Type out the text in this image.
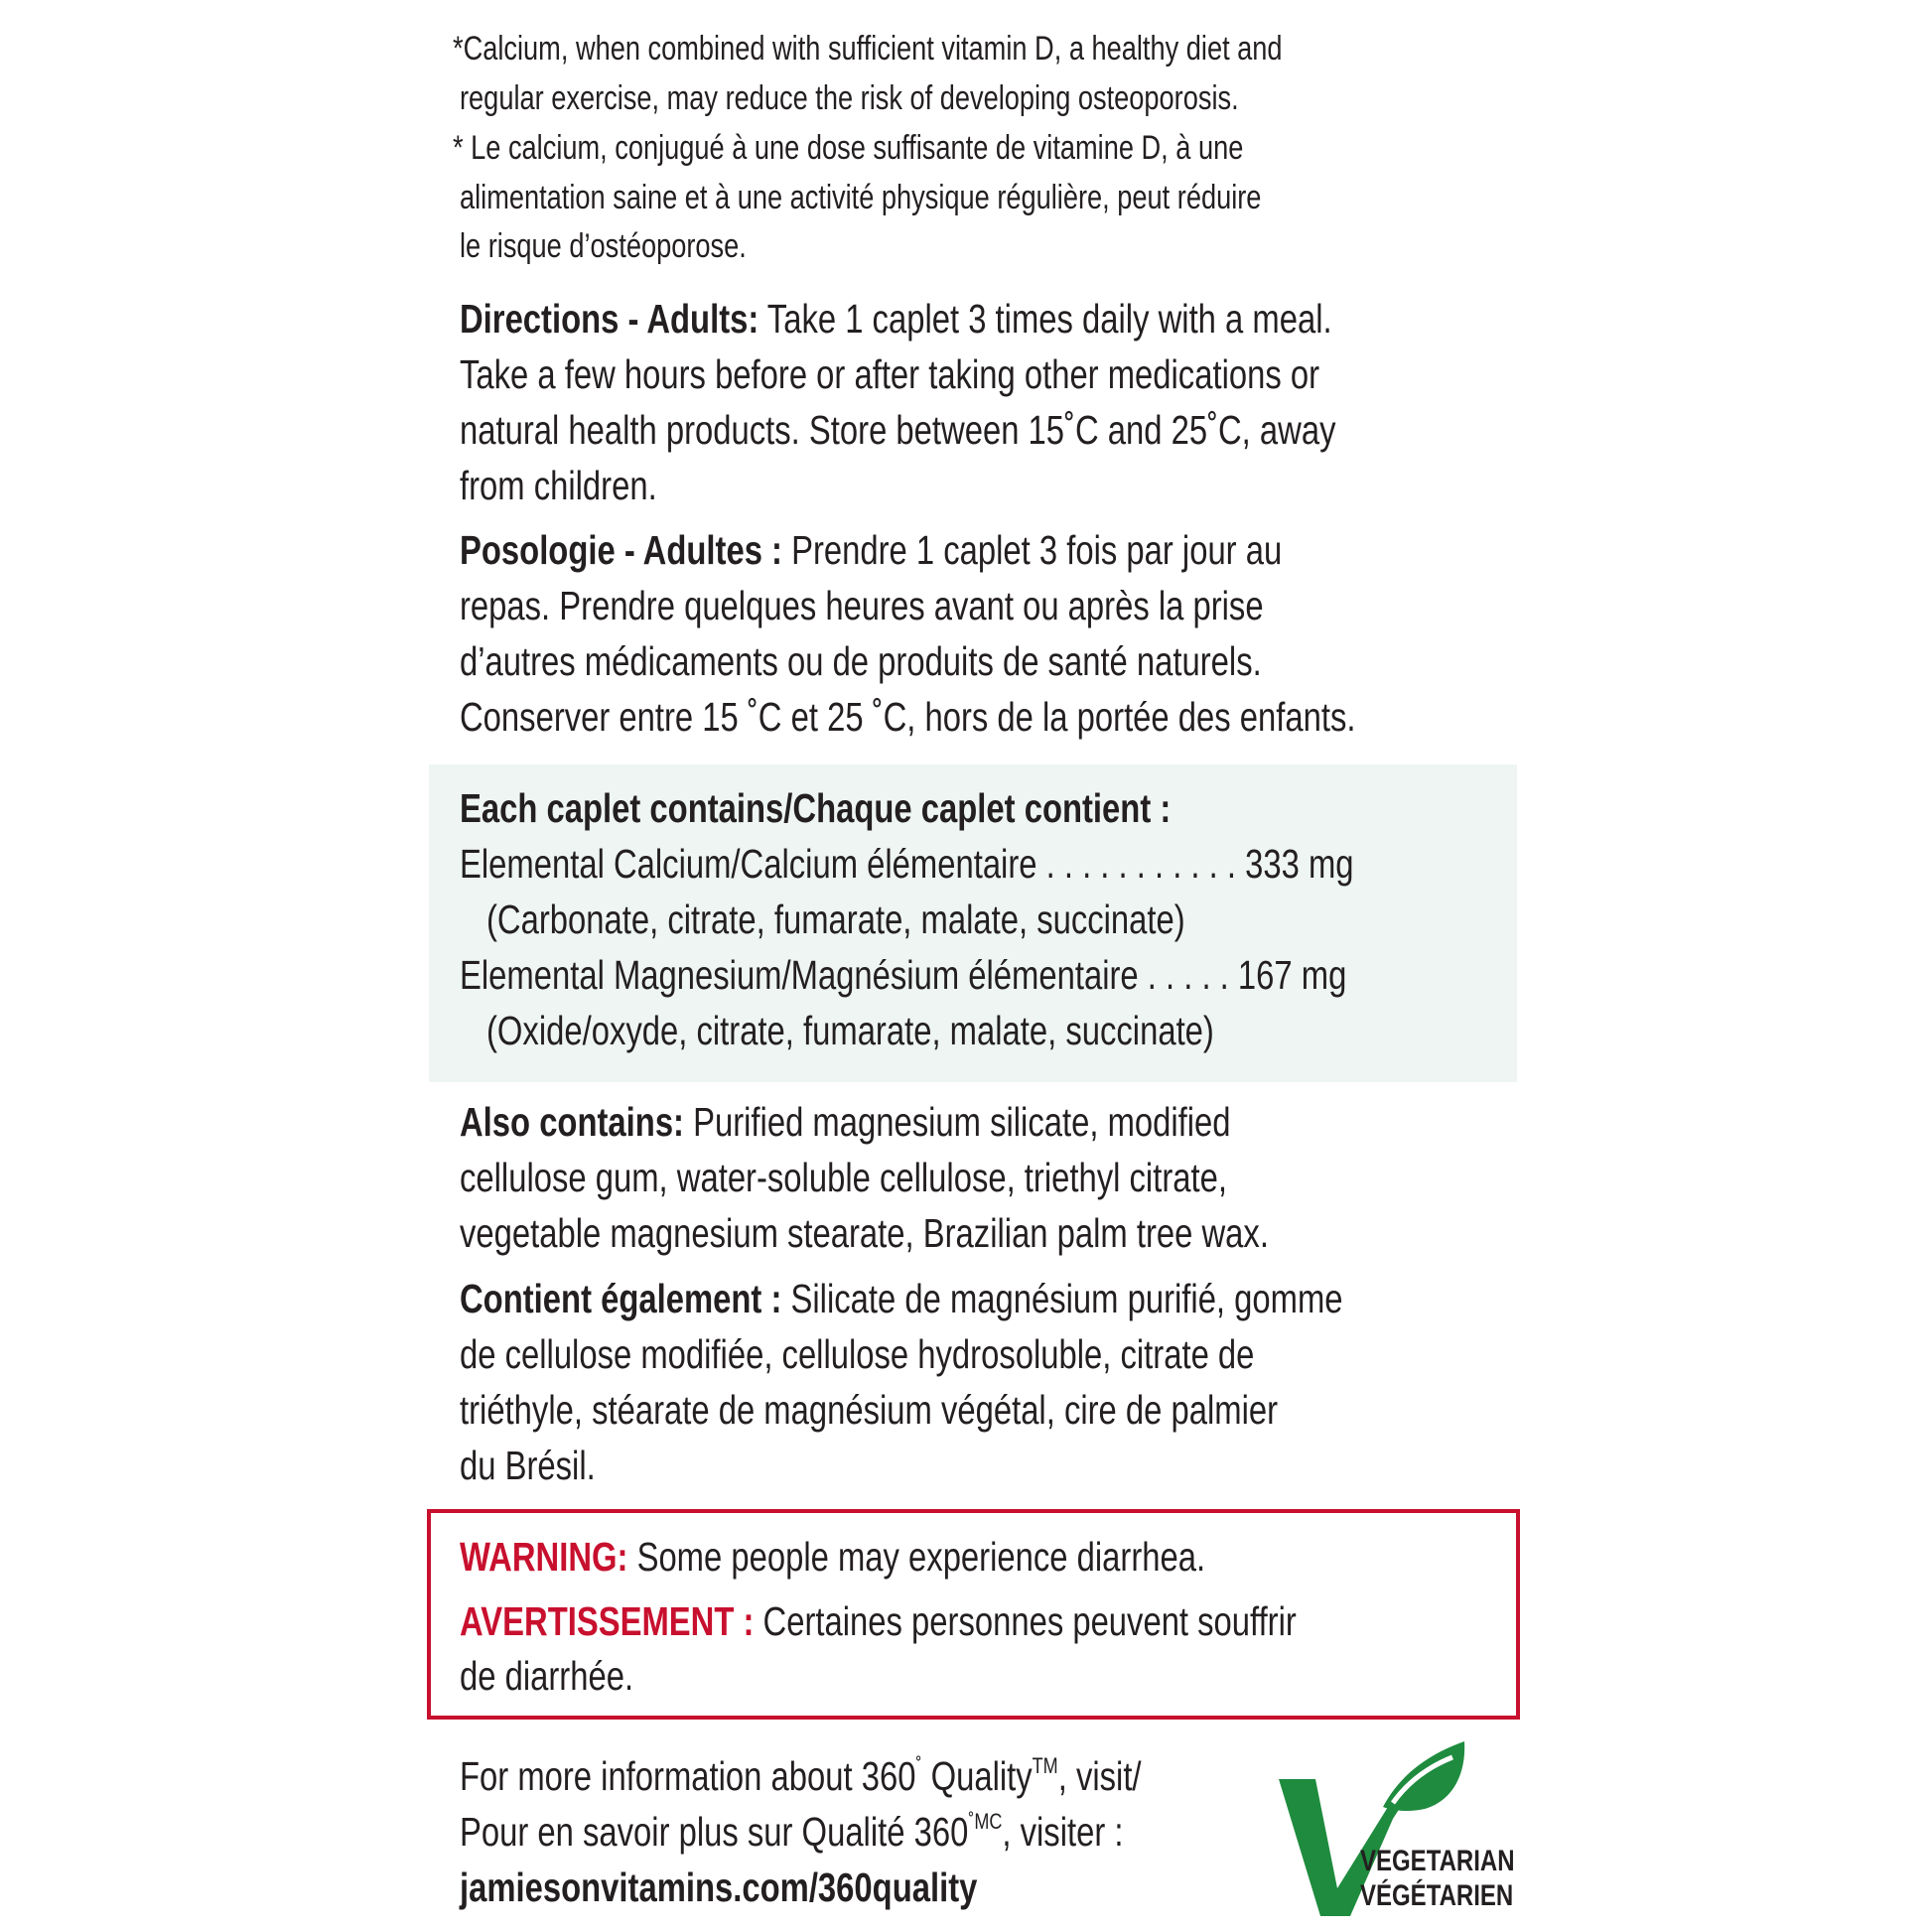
*Calcium, when combined with sufficient vitamin D, a healthy diet and
regular exercise, may reduce the risk of developing osteoporosis.
* Le calcium, conjugué à une dose suffisante de vitamine D, à une
alimentation saine et à une activité physique régulière, peut réduire
le risque d’ostéoporose.
Directions - Adults: Take 1 caplet 3 times daily with a meal.
Take a few hours before or after taking other medications or
natural health products. Store between 15˚C and 25˚C, away
from children.
Posologie - Adultes : Prendre 1 caplet 3 fois par jour au
repas. Prendre quelques heures avant ou après la prise
d’autres médicaments ou de produits de santé naturels.
Conserver entre 15 ˚C et 25 ˚C, hors de la portée des enfants.
Each caplet contains/Chaque caplet contient :
Elemental Calcium/Calcium élémentaire . . . . . . . . . . . 333 mg
(Carbonate, citrate, fumarate, malate, succinate)
Elemental Magnesium/Magnésium élémentaire . . . . . 167 mg
(Oxide/oxyde, citrate, fumarate, malate, succinate)
Also contains: Purified magnesium silicate, modified
cellulose gum, water-soluble cellulose, triethyl citrate,
vegetable magnesium stearate, Brazilian palm tree wax.
Contient également : Silicate de magnésium purifié, gomme
de cellulose modifiée, cellulose hydrosoluble, citrate de
triéthyle, stéarate de magnésium végétal, cire de palmier
du Brésil.
WARNING: Some people may experience diarrhea.
AVERTISSEMENT : Certaines personnes peuvent souffrir
de diarrhée.
For more information about 360˚ Quality™, visit/
Pour en savoir plus sur Qualité $360^{˚MC}$, visiter :
jamiesonvitamins.com/360quality
VEGETARIAN
VÉGÉTARIEN
